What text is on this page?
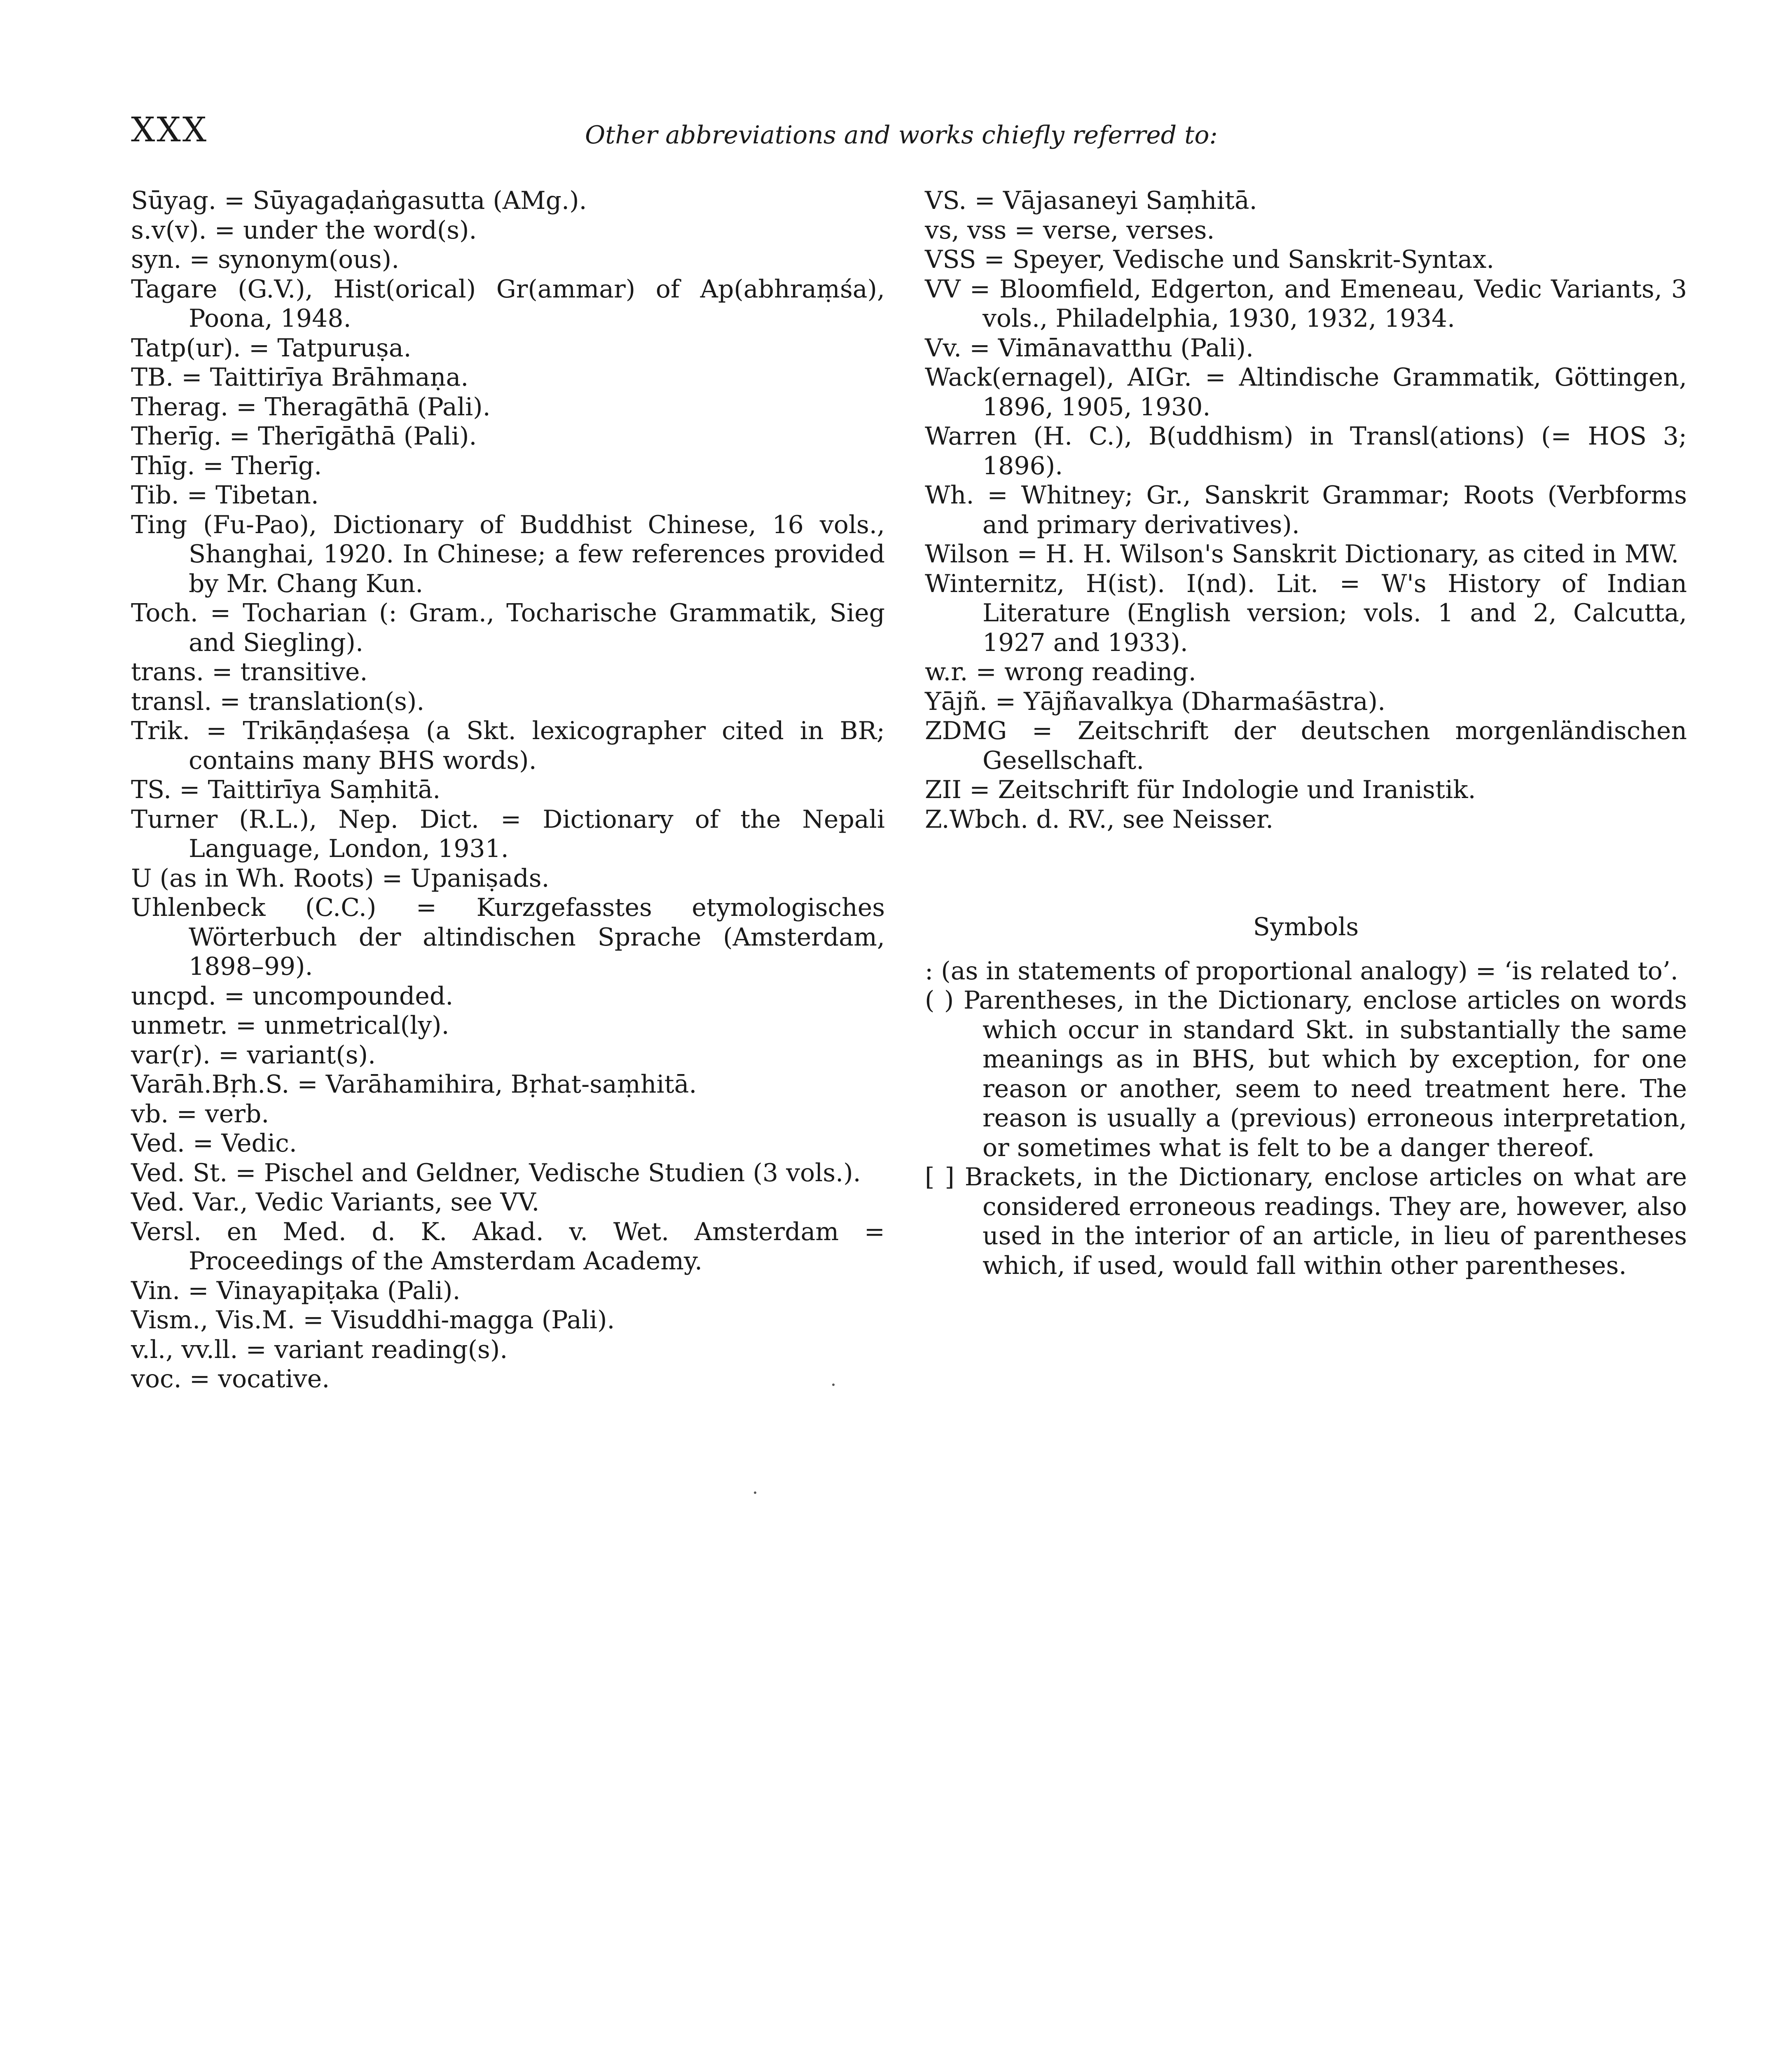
XXX	Other abbreviations and works chiefly referred to:

Sūyag. = Sūyagaḍaṅgasutta (AMg.).

s.v(v). = under the word(s).

syn. = synonym(ous).

Tagare (G.V.), Hist(orical) Gr(ammar) of Ap(abhraṃśa), Poona, 1948.

Tatp(ur). = Tatpuruṣa.

TB. = Taittirīya Brāhmaṇa.

Therag. = Theragāthā (Pali).

Therīg. = Therīgāthā (Pali).

Thīg. = Therīg.

Tib. = Tibetan.

Ting (Fu-Pao), Dictionary of Buddhist Chinese, 16 vols., Shanghai, 1920. In Chinese; a few references provided by Mr. Chang Kun.

Toch. = Tocharian (: Gram., Tocharische Grammatik, Sieg and Siegling).

trans. = transitive.

transl. = translation(s).

Trik. = Trikāṇḍaśeṣa (a Skt. lexicographer cited in BR; contains many BHS words).

TS. = Taittirīya Saṃhitā.

Turner (R.L.), Nep. Dict. = Dictionary of the Nepali Language, London, 1931.

U (as in Wh. Roots) = Upaniṣads.

Uhlenbeck (C.C.) = Kurzgefasstes etymologisches Wörterbuch der altindischen Sprache (Amsterdam, 1898–99).

uncpd. = uncompounded.

unmetr. = unmetrical(ly).

var(r). = variant(s).

Varāh.Bṛh.S. = Varāhamihira, Bṛhat-saṃhitā.

vb. = verb.

Ved. = Vedic.

Ved. St. = Pischel and Geldner, Vedische Studien (3 vols.).

Ved. Var., Vedic Variants, see VV.

Versl. en Med. d. K. Akad. v. Wet. Amsterdam = Proceedings of the Amsterdam Academy.

Vin. = Vinayapiṭaka (Pali).

Vism., Vis.M. = Visuddhi-magga (Pali).

v.l., vv.ll. = variant reading(s).

voc. = vocative.

VS. = Vājasaneyi Saṃhitā.

vs, vss = verse, verses.

VSS = Speyer, Vedische und Sanskrit-Syntax.

VV = Bloomfield, Edgerton, and Emeneau, Vedic Variants, 3 vols., Philadelphia, 1930, 1932, 1934.

Vv. = Vimānavatthu (Pali).

Wack(ernagel), AIGr. = Altindische Grammatik, Göttingen, 1896, 1905, 1930.

Warren (H. C.), B(uddhism) in Transl(ations) (= HOS 3; 1896).

Wh. = Whitney; Gr., Sanskrit Grammar; Roots (Verbforms and primary derivatives).

Wilson = H. H. Wilson's Sanskrit Dictionary, as cited in MW.

Winternitz, H(ist). I(nd). Lit. = W's History of Indian Literature (English version; vols. 1 and 2, Calcutta, 1927 and 1933).

w.r. = wrong reading.

Yājñ. = Yājñavalkya (Dharmaśāstra).

ZDMG = Zeitschrift der deutschen morgenländischen Gesellschaft.

ZII = Zeitschrift für Indologie und Iranistik.

Z.Wbch. d. RV., see Neisser.

Symbols

: (as in statements of proportional analogy) = ‘is related to’.

( ) Parentheses, in the Dictionary, enclose articles on words which occur in standard Skt. in substantially the same meanings as in BHS, but which by exception, for one reason or another, seem to need treatment here. The reason is usually a (previous) erroneous interpretation, or sometimes what is felt to be a danger thereof.

[ ] Brackets, in the Dictionary, enclose articles on what are considered erroneous readings. They are, however, also used in the interior of an article, in lieu of parentheses which, if used, would fall within other parentheses.
